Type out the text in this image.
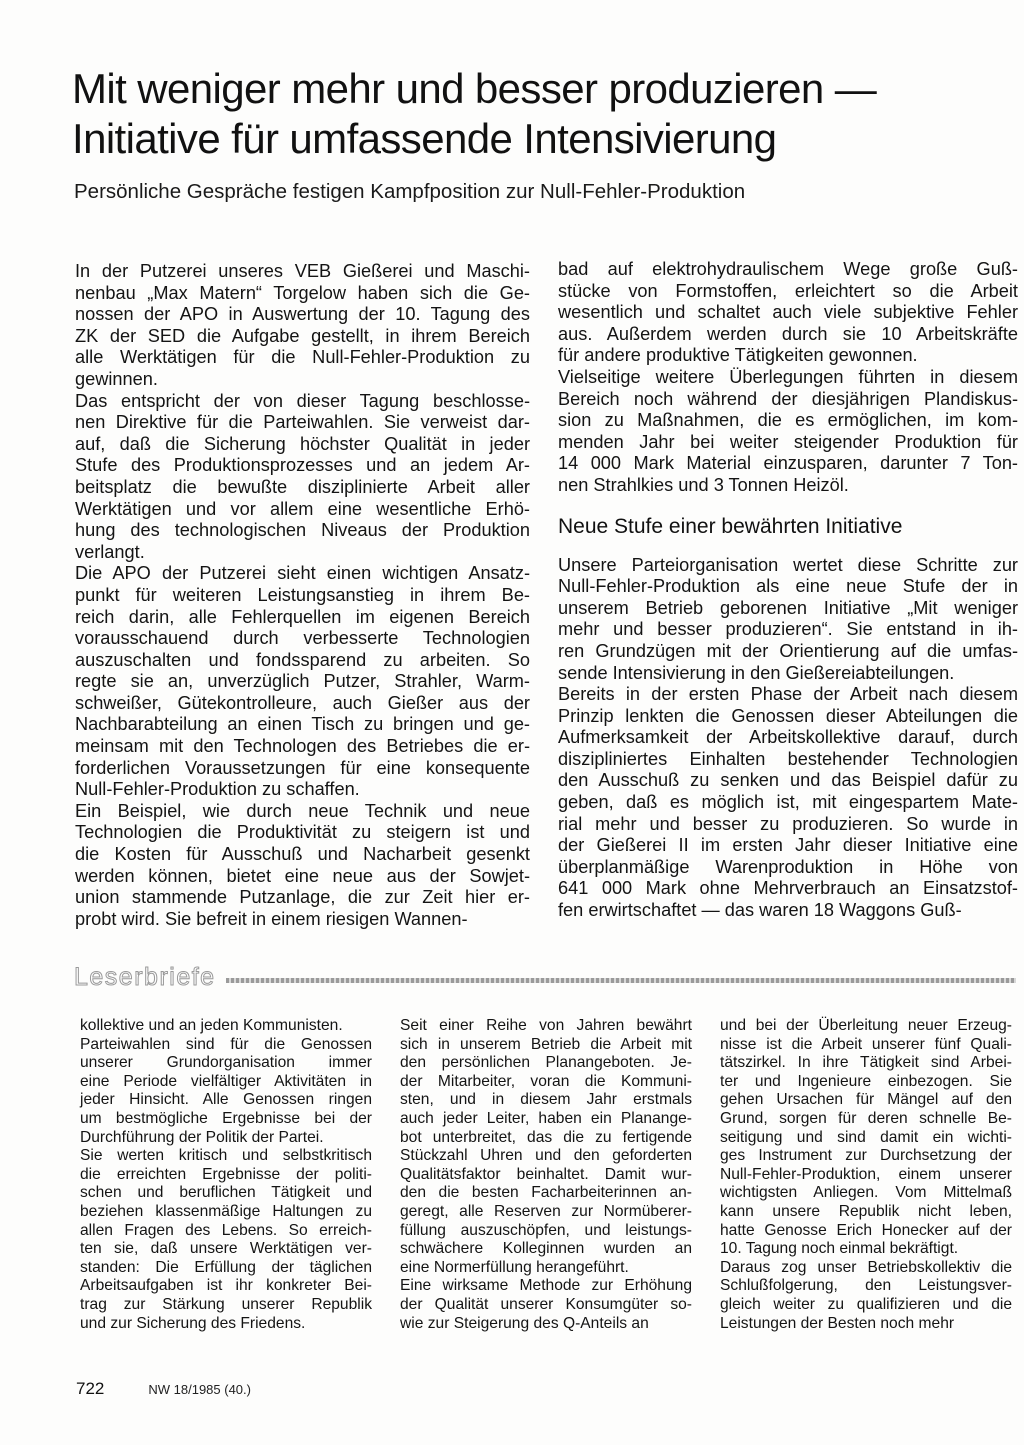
Mit weniger mehr und besser produzieren —
Initiative für umfassende Intensivierung

Persönliche Gespräche festigen Kampfposition zur Null-Fehler-Produktion

In der Putzerei unseres VEB Gießerei und Maschi-
nenbau „Max Matern“ Torgelow haben sich die Ge-
nossen der APO in Auswertung der 10. Tagung des
ZK der SED die Aufgabe gestellt, in ihrem Bereich
alle Werktätigen für die Null-Fehler-Produktion zu
gewinnen.
Das entspricht der von dieser Tagung beschlosse-
nen Direktive für die Parteiwahlen. Sie verweist dar-
auf, daß die Sicherung höchster Qualität in jeder
Stufe des Produktionsprozesses und an jedem Ar-
beitsplatz die bewußte disziplinierte Arbeit aller
Werktätigen und vor allem eine wesentliche Erhö-
hung des technologischen Niveaus der Produktion
verlangt.
Die APO der Putzerei sieht einen wichtigen Ansatz-
punkt für weiteren Leistungsanstieg in ihrem Be-
reich darin, alle Fehlerquellen im eigenen Bereich
vorausschauend durch verbesserte Technologien
auszuschalten und fondssparend zu arbeiten. So
regte sie an, unverzüglich Putzer, Strahler, Warm-
schweißer, Gütekontrolleure, auch Gießer aus der
Nachbarabteilung an einen Tisch zu bringen und ge-
meinsam mit den Technologen des Betriebes die er-
forderlichen Voraussetzungen für eine konsequente
Null-Fehler-Produktion zu schaffen.
Ein Beispiel, wie durch neue Technik und neue
Technologien die Produktivität zu steigern ist und
die Kosten für Ausschuß und Nacharbeit gesenkt
werden können, bietet eine neue aus der Sowjet-
union stammende Putzanlage, die zur Zeit hier er-
probt wird. Sie befreit in einem riesigen Wannen-
bad auf elektrohydraulischem Wege große Guß-
stücke von Formstoffen, erleichtert so die Arbeit
wesentlich und schaltet auch viele subjektive Fehler
aus. Außerdem werden durch sie 10 Arbeitskräfte
für andere produktive Tätigkeiten gewonnen.
Vielseitige weitere Überlegungen führten in diesem
Bereich noch während der diesjährigen Plandiskus-
sion zu Maßnahmen, die es ermöglichen, im kom-
menden Jahr bei weiter steigender Produktion für
14 000 Mark Material einzusparen, darunter 7 Ton-
nen Strahlkies und 3 Tonnen Heizöl.
Neue Stufe einer bewährten Initiative
Unsere Parteiorganisation wertet diese Schritte zur
Null-Fehler-Produktion als eine neue Stufe der in
unserem Betrieb geborenen Initiative „Mit weniger
mehr und besser produzieren“. Sie entstand in ih-
ren Grundzügen mit der Orientierung auf die umfas-
sende Intensivierung in den Gießereiabteilungen.
Bereits in der ersten Phase der Arbeit nach diesem
Prinzip lenkten die Genossen dieser Abteilungen die
Aufmerksamkeit der Arbeitskollektive darauf, durch
diszipliniertes Einhalten bestehender Technologien
den Ausschuß zu senken und das Beispiel dafür zu
geben, daß es möglich ist, mit eingespartem Mate-
rial mehr und besser zu produzieren. So wurde in
der Gießerei II im ersten Jahr dieser Initiative eine
überplanmäßige Warenproduktion in Höhe von
641 000 Mark ohne Mehrverbrauch an Einsatzstof-
fen erwirtschaftet — das waren 18 Waggons Guß-
Leserbriefe
kollektive und an jeden Kommunisten.
Parteiwahlen sind für die Genossen
unserer Grundorganisation immer
eine Periode vielfältiger Aktivitäten in
jeder Hinsicht. Alle Genossen ringen
um bestmögliche Ergebnisse bei der
Durchführung der Politik der Partei.
Sie werten kritisch und selbstkritisch
die erreichten Ergebnisse der politi-
schen und beruflichen Tätigkeit und
beziehen klassenmäßige Haltungen zu
allen Fragen des Lebens. So erreich-
ten sie, daß unsere Werktätigen ver-
standen: Die Erfüllung der täglichen
Arbeitsaufgaben ist ihr konkreter Bei-
trag zur Stärkung unserer Republik
und zur Sicherung des Friedens.
Seit einer Reihe von Jahren bewährt
sich in unserem Betrieb die Arbeit mit
den persönlichen Planangeboten. Je-
der Mitarbeiter, voran die Kommuni-
sten, und in diesem Jahr erstmals
auch jeder Leiter, haben ein Planange-
bot unterbreitet, das die zu fertigende
Stückzahl Uhren und den geforderten
Qualitätsfaktor beinhaltet. Damit wur-
den die besten Facharbeiterinnen an-
geregt, alle Reserven zur Normüberer-
füllung auszuschöpfen, und leistungs-
schwächere Kolleginnen wurden an
eine Normerfüllung herangeführt.
Eine wirksame Methode zur Erhöhung
der Qualität unserer Konsumgüter so-
wie zur Steigerung des Q-Anteils an
und bei der Überleitung neuer Erzeug-
nisse ist die Arbeit unserer fünf Quali-
tätszirkel. In ihre Tätigkeit sind Arbei-
ter und Ingenieure einbezogen. Sie
gehen Ursachen für Mängel auf den
Grund, sorgen für deren schnelle Be-
seitigung und sind damit ein wichti-
ges Instrument zur Durchsetzung der
Null-Fehler-Produktion, einem unserer
wichtigsten Anliegen. Vom Mittelmaß
kann unsere Republik nicht leben,
hatte Genosse Erich Honecker auf der
10. Tagung noch einmal bekräftigt.
Daraus zog unser Betriebskollektiv die
Schlußfolgerung, den Leistungsver-
gleich weiter zu qualifizieren und die
Leistungen der Besten noch mehr
722	NW 18/1985 (40.)
